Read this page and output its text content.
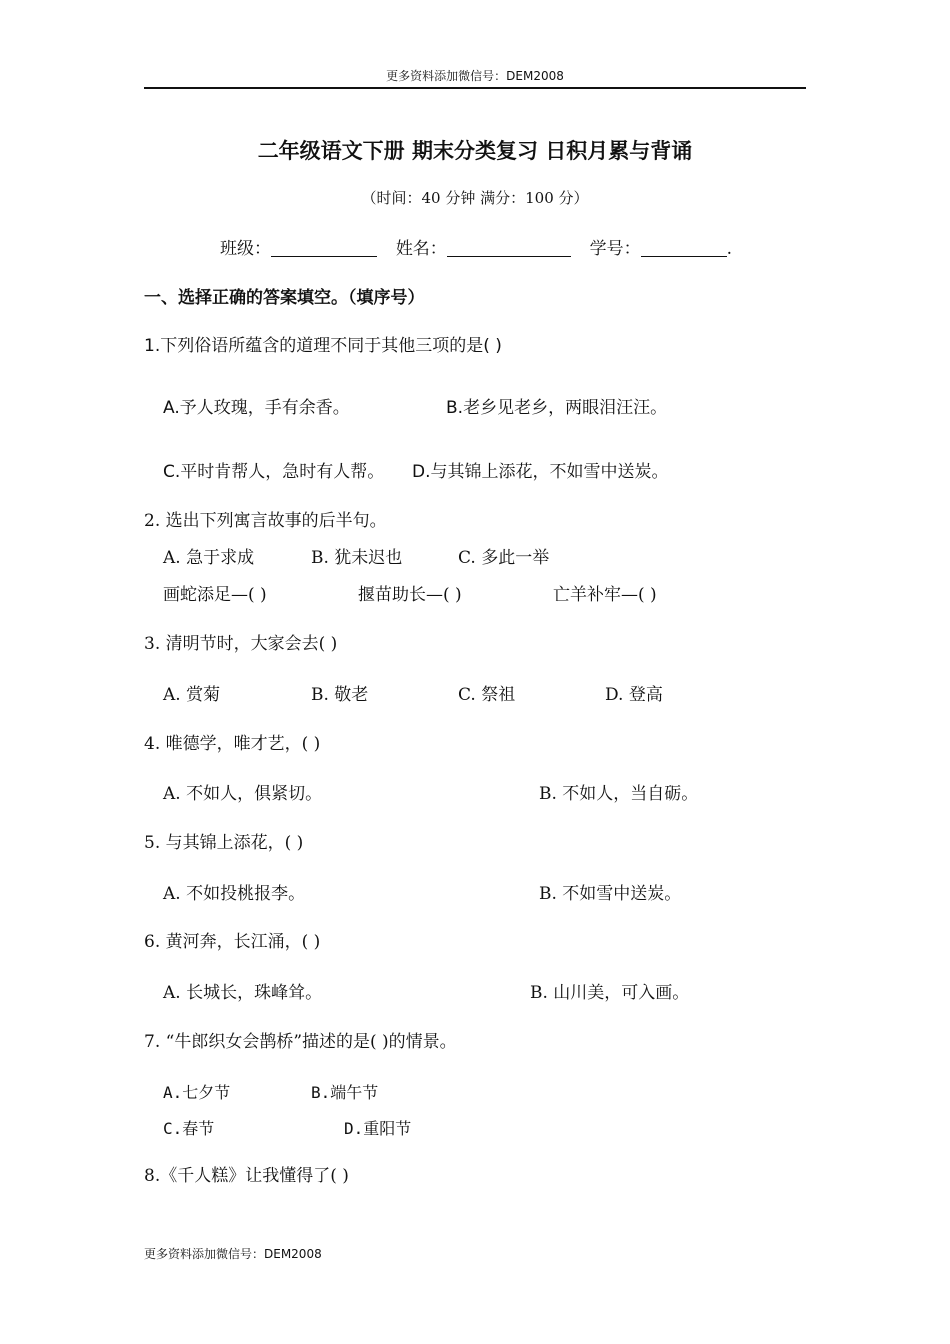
更多资料添加微信号：DEM2008
二年级语文下册 期末分类复习 日积月累与背诵
（时间：40 分钟 满分：100 分）
班级：	姓名：	学号：	.
一、选择正确的答案填空。（填序号）
1.下列俗语所蕴含的道理不同于其他三项的是( )
A.予人玫瑰，手有余香。	B.老乡见老乡，两眼泪汪汪。
C.平时肯帮人，急时有人帮。 D.与其锦上添花，不如雪中送炭。
2. 选出下列寓言故事的后半句。
A. 急于求成	B. 犹未迟也	C. 多此一举
画蛇添足—( )	揠苗助长—( )	亡羊补牢—( )
3. 清明节时，大家会去( )
A. 赏菊	B. 敬老	C. 祭祖	D. 登高
4. 唯德学，唯才艺，( )
A. 不如人，俱紧切。	B. 不如人，当自砺。
5. 与其锦上添花，( )
A. 不如投桃报李。	B. 不如雪中送炭。
6. 黄河奔，长江涌，( )
A. 长城长，珠峰耸。	B. 山川美，可入画。
7. “牛郎织女会鹊桥”描述的是( )的情景。
A.七夕节	B.端午节
C.春节	D.重阳节
8.《千人糕》让我懂得了( )
更多资料添加微信号：DEM2008
